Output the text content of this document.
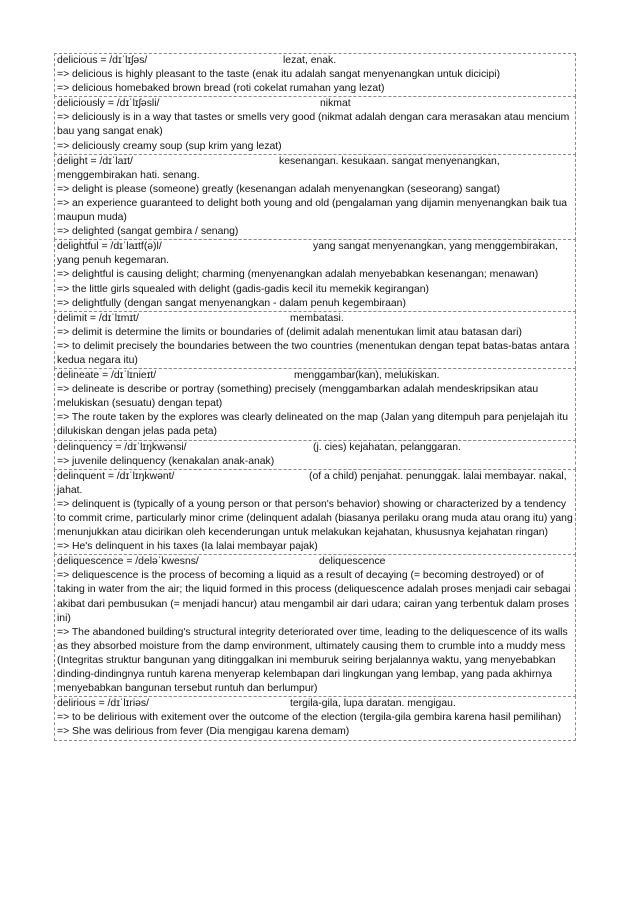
delicious = /dɪˈlɪʃəs/	lezat, enak.
=> delicious is highly pleasant to the taste (enak itu adalah sangat menyenangkan untuk dicicipi)
=> delicious homebaked brown bread (roti cokelat rumahan yang lezat)
deliciously = /dɪˈlɪʃəsli/	nikmat
=> deliciously is in a way that tastes or smells very good (nikmat adalah dengan cara merasakan atau mencium bau yang sangat enak)
=> deliciously creamy soup (sup krim yang lezat)
delight = /dɪˈlaɪt/	kesenangan. kesukaan. sangat menyenangkan, menggembirakan hati. senang.
=> delight is please (someone) greatly (kesenangan adalah menyenangkan (seseorang) sangat)
=> an experience guaranteed to delight both young and old (pengalaman yang dijamin menyenangkan baik tua maupun muda)
=> delighted (sangat gembira / senang)
delightful = /dɪˈlaɪtf(ə)l/	yang sangat menyenangkan, yang menggembirakan, yang penuh kegemaran.
=> delightful is causing delight; charming (menyenangkan adalah menyebabkan kesenangan; menawan)
=> the little girls squealed with delight (gadis-gadis kecil itu memekik kegirangan)
=> delightfully (dengan sangat menyenangkan - dalam penuh kegembiraan)
delimit = /dɪˈlɪmɪt/	membatasi.
=> delimit is determine the limits or boundaries of (delimit adalah menentukan limit atau batasan dari)
=> to delimit precisely the boundaries between the two countries (menentukan dengan tepat batas-batas antara kedua negara itu)
delineate = /dɪˈlɪnieɪt/	menggambar(kan), melukiskan.
=> delineate is describe or portray (something) precisely (menggambarkan adalah mendeskripsikan atau melukiskan (sesuatu) dengan tepat)
=> The route taken by the explores was clearly delineated on the map (Jalan yang ditempuh para penjelajah itu dilukiskan dengan jelas pada peta)
delinquency = /dɪˈlɪŋkwənsi/	(j. cies) kejahatan, pelanggaran.
=> juvenile delinquency (kenakalan anak-anak)
delinquent = /dɪˈlɪŋkwənt/	(of a child) penjahat. penunggak. lalai membayar. nakal, jahat.
=> delinquent is (typically of a young person or that person's behavior) showing or characterized by a tendency to commit crime, particularly minor crime (delinquent adalah (biasanya perilaku orang muda atau orang itu) yang menunjukkan atau dicirikan oleh kecenderungan untuk melakukan kejahatan, khususnya kejahatan ringan)
=> He's delinquent in his taxes (Ia lalai membayar pajak)
deliquescence = /deləˈkwesns/	deliquescence
=> deliquescence is the process of becoming a liquid as a result of decaying (= becoming destroyed) or of taking in water from the air; the liquid formed in this process (deliquescence adalah proses menjadi cair sebagai akibat dari pembusukan (= menjadi hancur) atau mengambil air dari udara; cairan yang terbentuk dalam proses ini)
=> The abandoned building's structural integrity deteriorated over time, leading to the deliquescence of its walls as they absorbed moisture from the damp environment, ultimately causing them to crumble into a muddy mess (Integritas struktur bangunan yang ditinggalkan ini memburuk seiring berjalannya waktu, yang menyebabkan dinding-dindingnya runtuh karena menyerap kelembapan dari lingkungan yang lembap, yang pada akhirnya menyebabkan bangunan tersebut runtuh dan berlumpur)
delirious = /dɪˈlɪriəs/	tergila-gila, lupa daratan. mengigau.
=> to be delirious with exitement over the outcome of the election (tergila-gila gembira karena hasil pemilihan)
=> She was delirious from fever (Dia mengigau karena demam)
